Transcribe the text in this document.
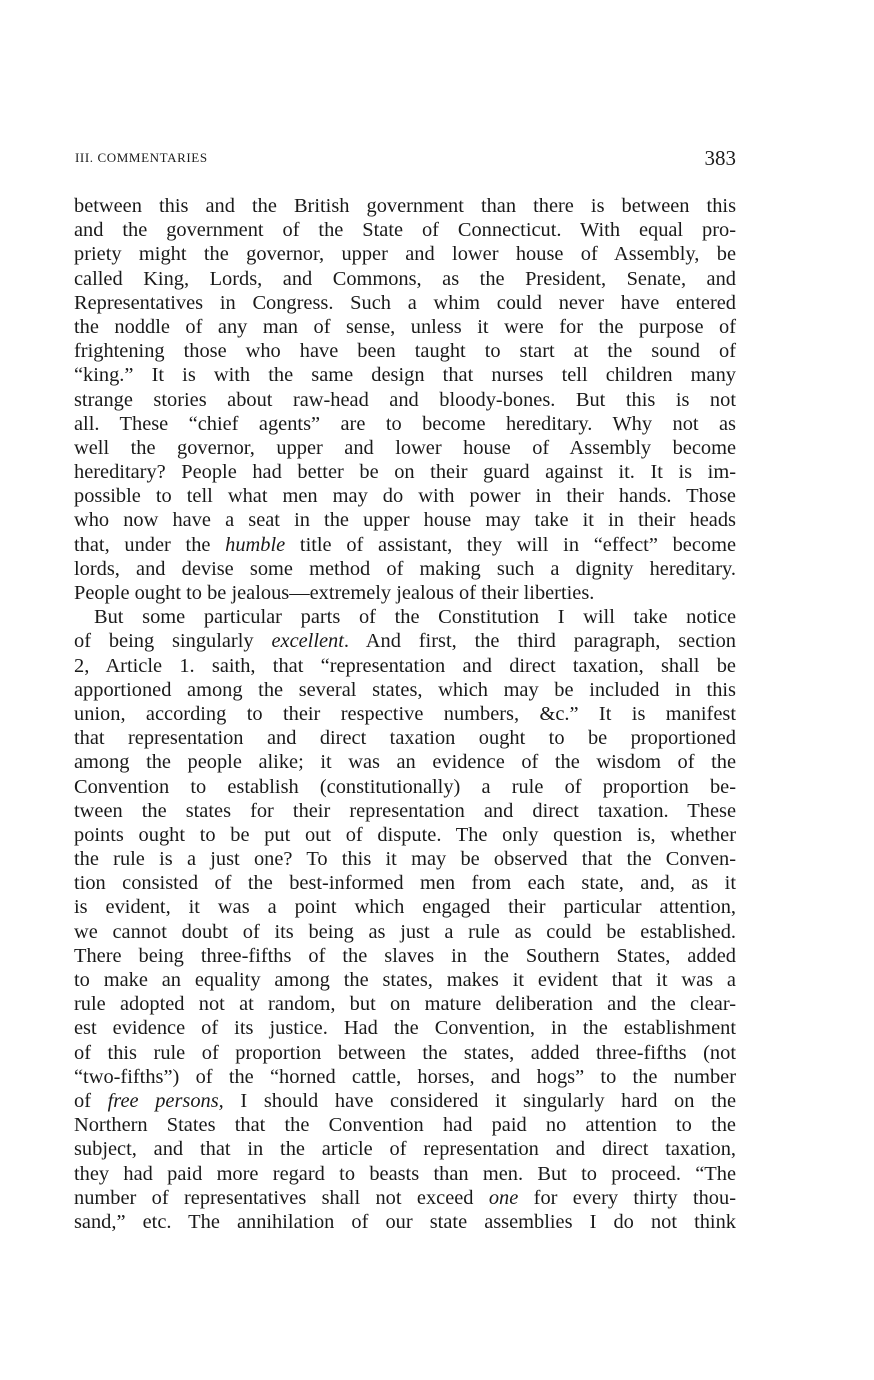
III. COMMENTARIES	383
between this and the British government than there is between this
and the government of the State of Connecticut. With equal pro-
priety might the governor, upper and lower house of Assembly, be
called King, Lords, and Commons, as the President, Senate, and
Representatives in Congress. Such a whim could never have entered
the noddle of any man of sense, unless it were for the purpose of
frightening those who have been taught to start at the sound of
“king.” It is with the same design that nurses tell children many
strange stories about raw-head and bloody-bones. But this is not
all. These “chief agents” are to become hereditary. Why not as
well the governor, upper and lower house of Assembly become
hereditary? People had better be on their guard against it. It is im-
possible to tell what men may do with power in their hands. Those
who now have a seat in the upper house may take it in their heads
that, under the humble title of assistant, they will in “effect” become
lords, and devise some method of making such a dignity hereditary.
People ought to be jealous—extremely jealous of their liberties.
But some particular parts of the Constitution I will take notice
of being singularly excellent. And first, the third paragraph, section
2, Article 1. saith, that “representation and direct taxation, shall be
apportioned among the several states, which may be included in this
union, according to their respective numbers, &c.” It is manifest
that representation and direct taxation ought to be proportioned
among the people alike; it was an evidence of the wisdom of the
Convention to establish (constitutionally) a rule of proportion be-
tween the states for their representation and direct taxation. These
points ought to be put out of dispute. The only question is, whether
the rule is a just one? To this it may be observed that the Conven-
tion consisted of the best-informed men from each state, and, as it
is evident, it was a point which engaged their particular attention,
we cannot doubt of its being as just a rule as could be established.
There being three-fifths of the slaves in the Southern States, added
to make an equality among the states, makes it evident that it was a
rule adopted not at random, but on mature deliberation and the clear-
est evidence of its justice. Had the Convention, in the establishment
of this rule of proportion between the states, added three-fifths (not
“two-fifths”) of the “horned cattle, horses, and hogs” to the number
of free persons, I should have considered it singularly hard on the
Northern States that the Convention had paid no attention to the
subject, and that in the article of representation and direct taxation,
they had paid more regard to beasts than men. But to proceed. “The
number of representatives shall not exceed one for every thirty thou-
sand,” etc. The annihilation of our state assemblies I do not think
